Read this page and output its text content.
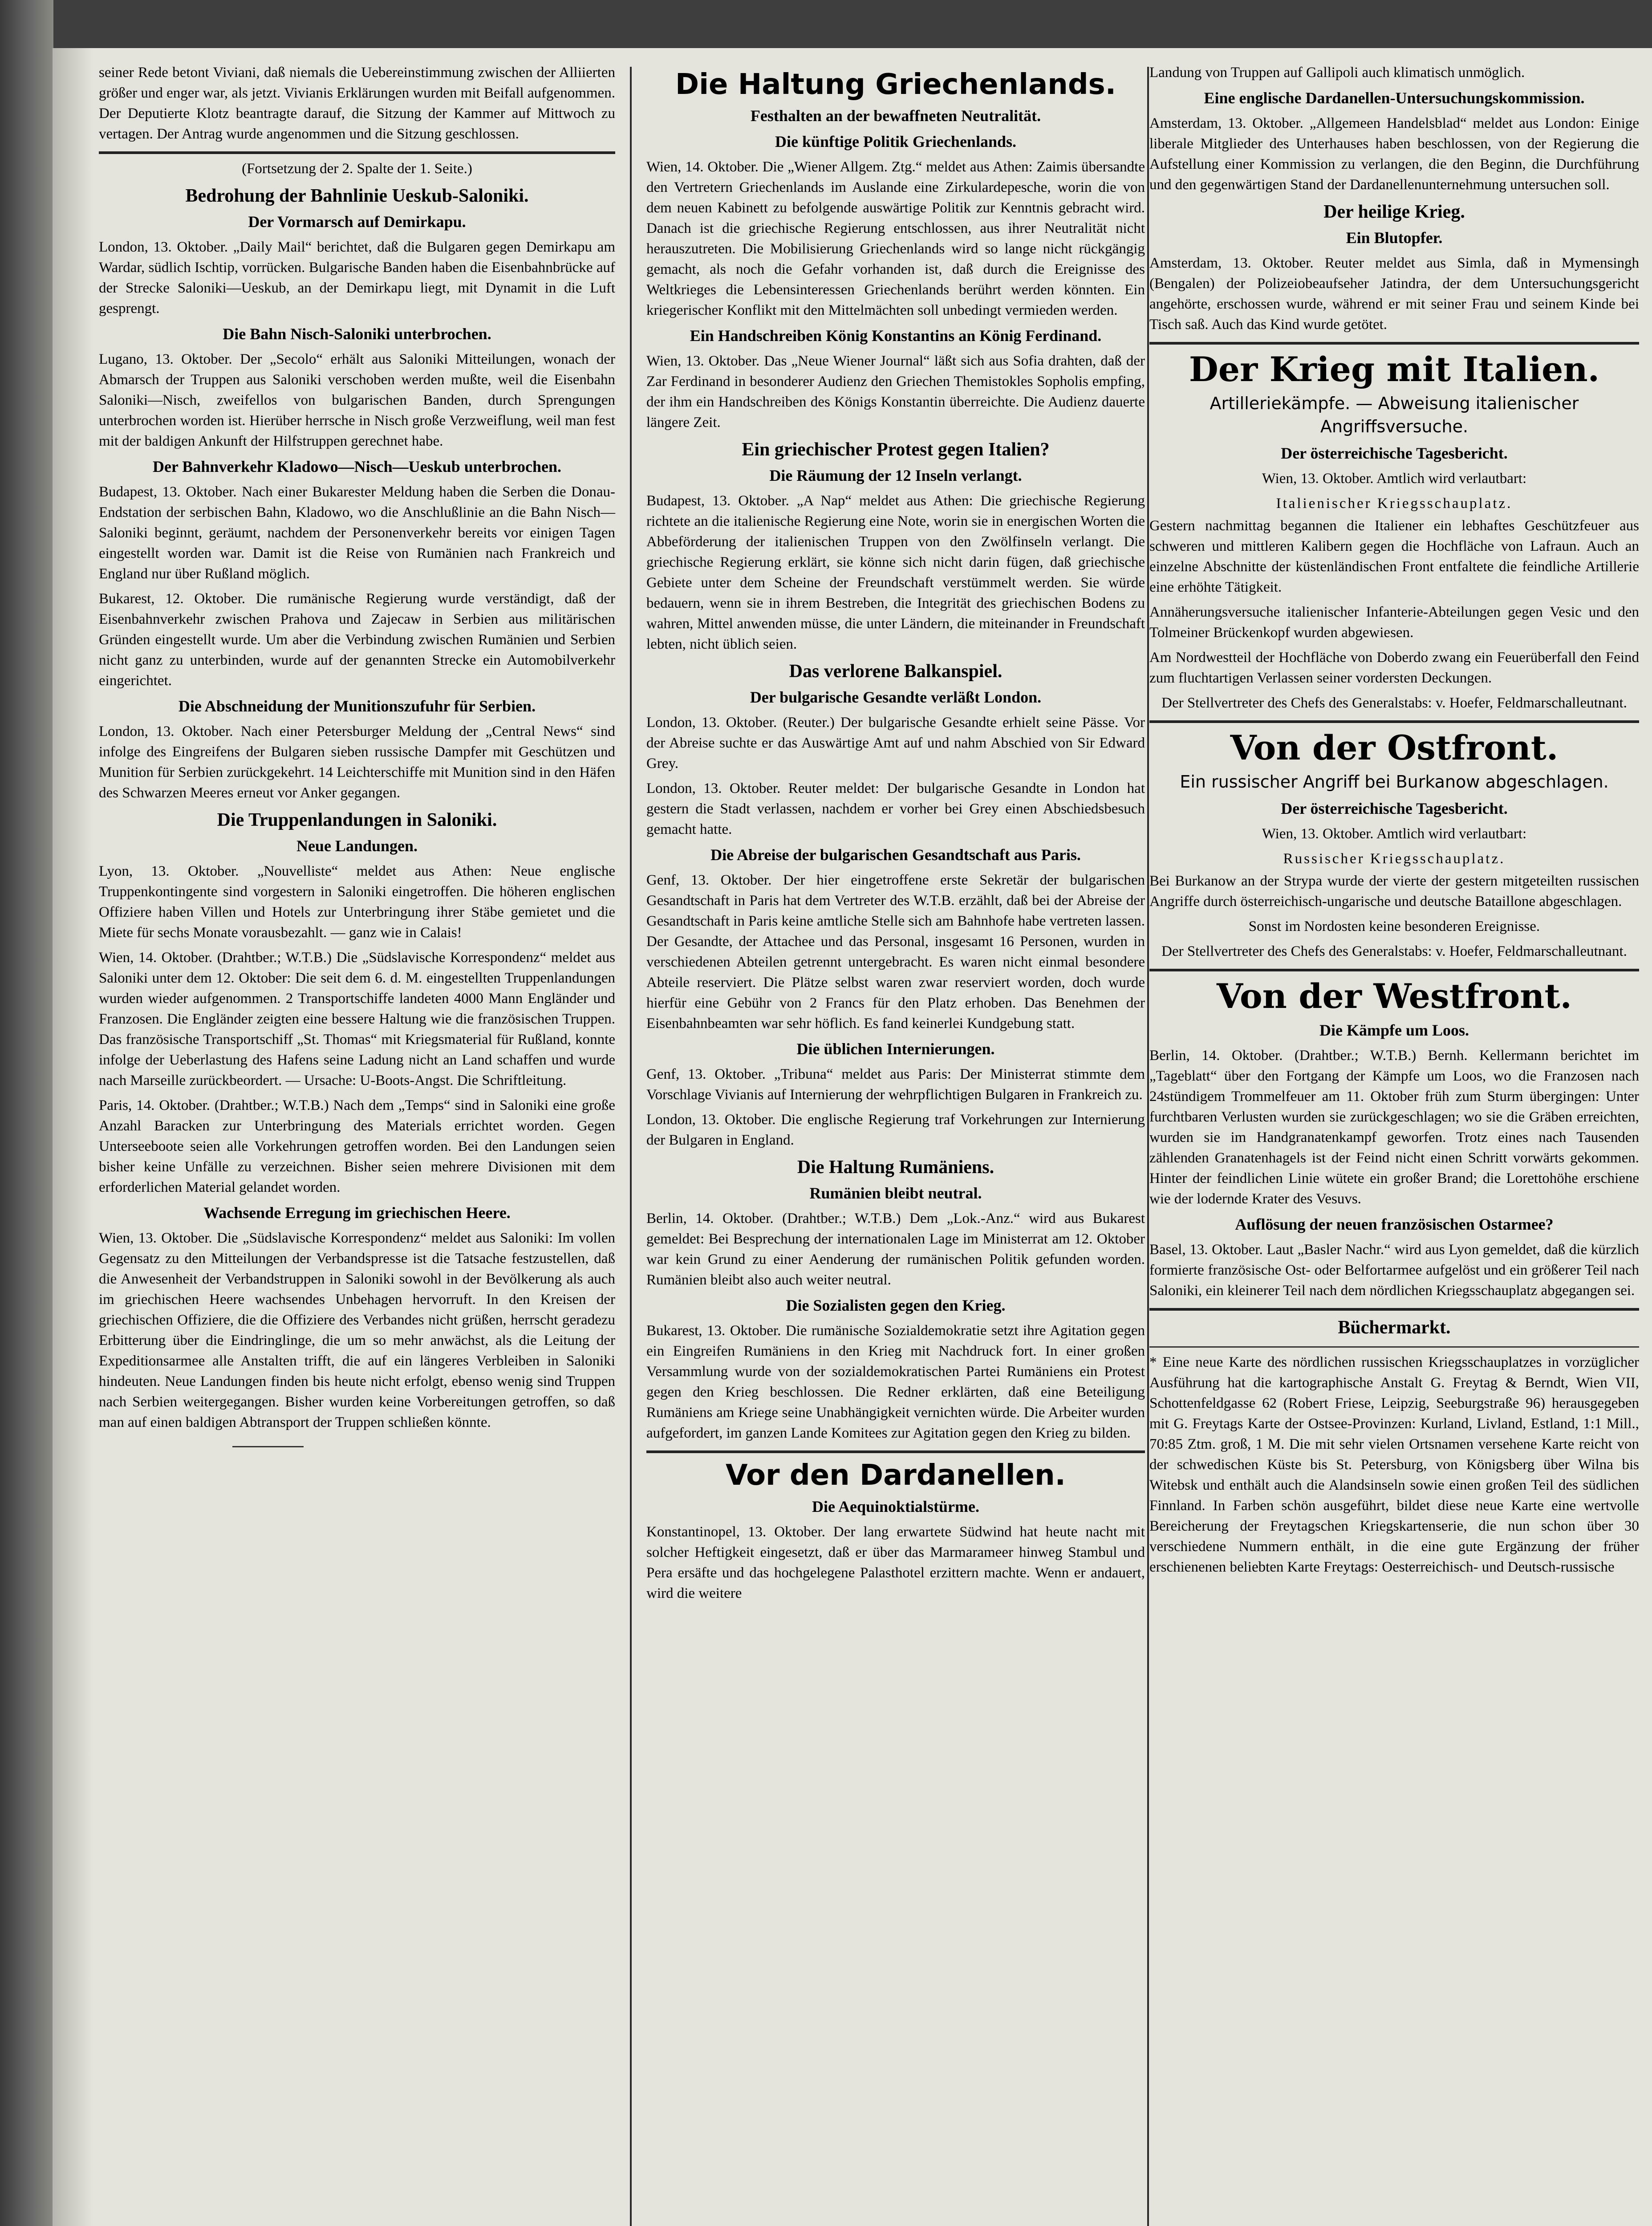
seiner Rede betont Viviani, daß niemals die Uebereinstimmung zwischen der Alliierten größer und enger war, als jetzt. Vivianis Erklärungen wurden mit Beifall aufgenommen. Der Deputierte Klotz beantragte darauf, die Sitzung der Kammer auf Mittwoch zu vertagen. Der Antrag wurde angenommen und die Sitzung geschlossen.

(Fortsetzung der 2. Spalte der 1. Seite.)

Bedrohung der Bahnlinie Ueskub-Saloniki.
Der Vormarsch auf Demirkapu.

London, 13. Oktober. „Daily Mail“ berichtet, daß die Bulgaren gegen Demirkapu am Wardar, südlich Ischtip, vorrücken. Bulgarische Banden haben die Eisenbahnbrücke auf der Strecke Saloniki—Ueskub, an der Demirkapu liegt, mit Dynamit in die Luft gesprengt.

Die Bahn Nisch-Saloniki unterbrochen.

Lugano, 13. Oktober. Der „Secolo“ erhält aus Saloniki Mitteilungen, wonach der Abmarsch der Truppen aus Saloniki verschoben werden mußte, weil die Eisenbahn Saloniki—Nisch, zweifellos von bulgarischen Banden, durch Sprengungen unterbrochen worden ist. Hierüber herrsche in Nisch große Verzweiflung, weil man fest mit der baldigen Ankunft der Hilfstruppen gerechnet habe.

Der Bahnverkehr Kladowo—Nisch—Ueskub unterbrochen.

Budapest, 13. Oktober. Nach einer Bukarester Meldung haben die Serben die Donau-Endstation der serbischen Bahn, Kladowo, wo die Anschlußlinie an die Bahn Nisch—Saloniki beginnt, geräumt, nachdem der Personenverkehr bereits vor einigen Tagen eingestellt worden war. Damit ist die Reise von Rumänien nach Frankreich und England nur über Rußland möglich.

Bukarest, 12. Oktober. Die rumänische Regierung wurde verständigt, daß der Eisenbahnverkehr zwischen Prahova und Zajecaw in Serbien aus militärischen Gründen eingestellt wurde. Um aber die Verbindung zwischen Rumänien und Serbien nicht ganz zu unterbinden, wurde auf der genannten Strecke ein Automobilverkehr eingerichtet.

Die Abschneidung der Munitionszufuhr für Serbien.

London, 13. Oktober. Nach einer Petersburger Meldung der „Central News“ sind infolge des Eingreifens der Bulgaren sieben russische Dampfer mit Geschützen und Munition für Serbien zurückgekehrt. 14 Leichterschiffe mit Munition sind in den Häfen des Schwarzen Meeres erneut vor Anker gegangen.

Die Truppenlandungen in Saloniki.
Neue Landungen.

Lyon, 13. Oktober. „Nouvelliste“ meldet aus Athen: Neue englische Truppenkontingente sind vorgestern in Saloniki eingetroffen. Die höheren englischen Offiziere haben Villen und Hotels zur Unterbringung ihrer Stäbe gemietet und die Miete für sechs Monate vorausbezahlt. — ganz wie in Calais!

Wien, 14. Oktober. (Drahtber.; W.T.B.) Die „Südslavische Korrespondenz“ meldet aus Saloniki unter dem 12. Oktober: Die seit dem 6. d. M. eingestellten Truppenlandungen wurden wieder aufgenommen. 2 Transportschiffe landeten 4000 Mann Engländer und Franzosen. Die Engländer zeigten eine bessere Haltung wie die französischen Truppen. Das französische Transportschiff „St. Thomas“ mit Kriegsmaterial für Rußland, konnte infolge der Ueberlastung des Hafens seine Ladung nicht an Land schaffen und wurde nach Marseille zurückbeordert. — Ursache: U-Boots-Angst. Die Schriftleitung.

Paris, 14. Oktober. (Drahtber.; W.T.B.) Nach dem „Temps“ sind in Saloniki eine große Anzahl Baracken zur Unterbringung des Materials errichtet worden. Gegen Unterseeboote seien alle Vorkehrungen getroffen worden. Bei den Landungen seien bisher keine Unfälle zu verzeichnen. Bisher seien mehrere Divisionen mit dem erforderlichen Material gelandet worden.

Wachsende Erregung im griechischen Heere.

Wien, 13. Oktober. Die „Südslavische Korrespondenz“ meldet aus Saloniki: Im vollen Gegensatz zu den Mitteilungen der Verbandspresse ist die Tatsache festzustellen, daß die Anwesenheit der Verbandstruppen in Saloniki sowohl in der Bevölkerung als auch im griechischen Heere wachsendes Unbehagen hervorruft. In den Kreisen der griechischen Offiziere, die die Offiziere des Verbandes nicht grüßen, herrscht geradezu Erbitterung über die Eindringlinge, die um so mehr anwächst, als die Leitung der Expeditionsarmee alle Anstalten trifft, die auf ein längeres Verbleiben in Saloniki hindeuten. Neue Landungen finden bis heute nicht erfolgt, ebenso wenig sind Truppen nach Serbien weitergegangen. Bisher wurden keine Vorbereitungen getroffen, so daß man auf einen baldigen Abtransport der Truppen schließen könnte.

Die Haltung Griechenlands.
Festhalten an der bewaffneten Neutralität.
Die künftige Politik Griechenlands.

Wien, 14. Oktober. Die „Wiener Allgem. Ztg.“ meldet aus Athen: Zaimis übersandte den Vertretern Griechenlands im Auslande eine Zirkulardepesche, worin die von dem neuen Kabinett zu befolgende auswärtige Politik zur Kenntnis gebracht wird. Danach ist die griechische Regierung entschlossen, aus ihrer Neutralität nicht herauszutreten. Die Mobilisierung Griechenlands wird so lange nicht rückgängig gemacht, als noch die Gefahr vorhanden ist, daß durch die Ereignisse des Weltkrieges die Lebensinteressen Griechenlands berührt werden könnten. Ein kriegerischer Konflikt mit den Mittelmächten soll unbedingt vermieden werden.

Ein Handschreiben König Konstantins an König Ferdinand.

Wien, 13. Oktober. Das „Neue Wiener Journal“ läßt sich aus Sofia drahten, daß der Zar Ferdinand in besonderer Audienz den Griechen Themistokles Sopholis empfing, der ihm ein Handschreiben des Königs Konstantin überreichte. Die Audienz dauerte längere Zeit.

Ein griechischer Protest gegen Italien?
Die Räumung der 12 Inseln verlangt.

Budapest, 13. Oktober. „A Nap“ meldet aus Athen: Die griechische Regierung richtete an die italienische Regierung eine Note, worin sie in energischen Worten die Abbeförderung der italienischen Truppen von den Zwölfinseln verlangt. Die griechische Regierung erklärt, sie könne sich nicht darin fügen, daß griechische Gebiete unter dem Scheine der Freundschaft verstümmelt werden. Sie würde bedauern, wenn sie in ihrem Bestreben, die Integrität des griechischen Bodens zu wahren, Mittel anwenden müsse, die unter Ländern, die miteinander in Freundschaft lebten, nicht üblich seien.

Das verlorene Balkanspiel.
Der bulgarische Gesandte verläßt London.

London, 13. Oktober. (Reuter.) Der bulgarische Gesandte erhielt seine Pässe. Vor der Abreise suchte er das Auswärtige Amt auf und nahm Abschied von Sir Edward Grey.

London, 13. Oktober. Reuter meldet: Der bulgarische Gesandte in London hat gestern die Stadt verlassen, nachdem er vorher bei Grey einen Abschiedsbesuch gemacht hatte.

Die Abreise der bulgarischen Gesandtschaft aus Paris.

Genf, 13. Oktober. Der hier eingetroffene erste Sekretär der bulgarischen Gesandtschaft in Paris hat dem Vertreter des W.T.B. erzählt, daß bei der Abreise der Gesandtschaft in Paris keine amtliche Stelle sich am Bahnhofe habe vertreten lassen. Der Gesandte, der Attachee und das Personal, insgesamt 16 Personen, wurden in verschiedenen Abteilen getrennt untergebracht. Es waren nicht einmal besondere Abteile reserviert. Die Plätze selbst waren zwar reserviert worden, doch wurde hierfür eine Gebühr von 2 Francs für den Platz erhoben. Das Benehmen der Eisenbahnbeamten war sehr höflich. Es fand keinerlei Kundgebung statt.

Die üblichen Internierungen.

Genf, 13. Oktober. „Tribuna“ meldet aus Paris: Der Ministerrat stimmte dem Vorschlage Vivianis auf Internierung der wehrpflichtigen Bulgaren in Frankreich zu.

London, 13. Oktober. Die englische Regierung traf Vorkehrungen zur Internierung der Bulgaren in England.

Die Haltung Rumäniens.
Rumänien bleibt neutral.

Berlin, 14. Oktober. (Drahtber.; W.T.B.) Dem „Lok.-Anz.“ wird aus Bukarest gemeldet: Bei Besprechung der internationalen Lage im Ministerrat am 12. Oktober war kein Grund zu einer Aenderung der rumänischen Politik gefunden worden. Rumänien bleibt also auch weiter neutral.

Die Sozialisten gegen den Krieg.

Bukarest, 13. Oktober. Die rumänische Sozialdemokratie setzt ihre Agitation gegen ein Eingreifen Rumäniens in den Krieg mit Nachdruck fort. In einer großen Versammlung wurde von der sozialdemokratischen Partei Rumäniens ein Protest gegen den Krieg beschlossen. Die Redner erklärten, daß eine Beteiligung Rumäniens am Kriege seine Unabhängigkeit vernichten würde. Die Arbeiter wurden aufgefordert, im ganzen Lande Komitees zur Agitation gegen den Krieg zu bilden.

Vor den Dardanellen.
Die Aequinoktialstürme.

Konstantinopel, 13. Oktober. Der lang erwartete Südwind hat heute nacht mit solcher Heftigkeit eingesetzt, daß er über das Marmarameer hinweg Stambul und Pera ersäfte und das hochgelegene Palasthotel erzittern machte. Wenn er andauert, wird die weitere

Landung von Truppen auf Gallipoli auch klimatisch unmöglich.

Eine englische Dardanellen-Untersuchungskommission.

Amsterdam, 13. Oktober. „Allgemeen Handelsblad“ meldet aus London: Einige liberale Mitglieder des Unterhauses haben beschlossen, von der Regierung die Aufstellung einer Kommission zu verlangen, die den Beginn, die Durchführung und den gegenwärtigen Stand der Dardanellenunternehmung untersuchen soll.

Der heilige Krieg.
Ein Blutopfer.

Amsterdam, 13. Oktober. Reuter meldet aus Simla, daß in Mymensingh (Bengalen) der Polizeiobeaufseher Jatindra, der dem Untersuchungsgericht angehörte, erschossen wurde, während er mit seiner Frau und seinem Kinde bei Tisch saß. Auch das Kind wurde getötet.

Der Krieg mit Italien.
Artilleriekämpfe. — Abweisung italienischer Angriffsversuche.
Der österreichische Tagesbericht.

Wien, 13. Oktober. Amtlich wird verlautbart:

Italienischer Kriegsschauplatz.

Gestern nachmittag begannen die Italiener ein lebhaftes Geschützfeuer aus schweren und mittleren Kalibern gegen die Hochfläche von Lafraun. Auch an einzelne Abschnitte der küstenländischen Front entfaltete die feindliche Artillerie eine erhöhte Tätigkeit.

Annäherungsversuche italienischer Infanterie-Abteilungen gegen Vesic und den Tolmeiner Brückenkopf wurden abgewiesen.

Am Nordwestteil der Hochfläche von Doberdo zwang ein Feuerüberfall den Feind zum fluchtartigen Verlassen seiner vordersten Deckungen.

Der Stellvertreter des Chefs des Generalstabs: v. Hoefer, Feldmarschalleutnant.

Von der Ostfront.
Ein russischer Angriff bei Burkanow abgeschlagen.
Der österreichische Tagesbericht.

Wien, 13. Oktober. Amtlich wird verlautbart:

Russischer Kriegsschauplatz.

Bei Burkanow an der Strypa wurde der vierte der gestern mitgeteilten russischen Angriffe durch österreichisch-ungarische und deutsche Bataillone abgeschlagen.

Sonst im Nordosten keine besonderen Ereignisse.

Der Stellvertreter des Chefs des Generalstabs: v. Hoefer, Feldmarschalleutnant.

Von der Westfront.
Die Kämpfe um Loos.

Berlin, 14. Oktober. (Drahtber.; W.T.B.) Bernh. Kellermann berichtet im „Tageblatt“ über den Fortgang der Kämpfe um Loos, wo die Franzosen nach 24stündigem Trommelfeuer am 11. Oktober früh zum Sturm übergingen: Unter furchtbaren Verlusten wurden sie zurückgeschlagen; wo sie die Gräben erreichten, wurden sie im Handgranatenkampf geworfen. Trotz eines nach Tausenden zählenden Granatenhagels ist der Feind nicht einen Schritt vorwärts gekommen. Hinter der feindlichen Linie wütete ein großer Brand; die Lorettohöhe erschiene wie der lodernde Krater des Vesuvs.

Auflösung der neuen französischen Ostarmee?

Basel, 13. Oktober. Laut „Basler Nachr.“ wird aus Lyon gemeldet, daß die kürzlich formierte französische Ost- oder Belfortarmee aufgelöst und ein größerer Teil nach Saloniki, ein kleinerer Teil nach dem nördlichen Kriegsschauplatz abgegangen sei.

Büchermarkt.

* Eine neue Karte des nördlichen russischen Kriegsschauplatzes in vorzüglicher Ausführung hat die kartographische Anstalt G. Freytag & Berndt, Wien VII, Schottenfeldgasse 62 (Robert Friese, Leipzig, Seeburgstraße 96) herausgegeben mit G. Freytags Karte der Ostsee-Provinzen: Kurland, Livland, Estland, 1:1 Mill., 70:85 Ztm. groß, 1 M. Die mit sehr vielen Ortsnamen versehene Karte reicht von der schwedischen Küste bis St. Petersburg, von Königsberg über Wilna bis Witebsk und enthält auch die Alandsinseln sowie einen großen Teil des südlichen Finnland. In Farben schön ausgeführt, bildet diese neue Karte eine wertvolle Bereicherung der Freytagschen Kriegskartenserie, die nun schon über 30 verschiedene Nummern enthält, in die eine gute Ergänzung der früher erschienenen beliebten Karte Freytags: Oesterreichisch- und Deutsch-russische
